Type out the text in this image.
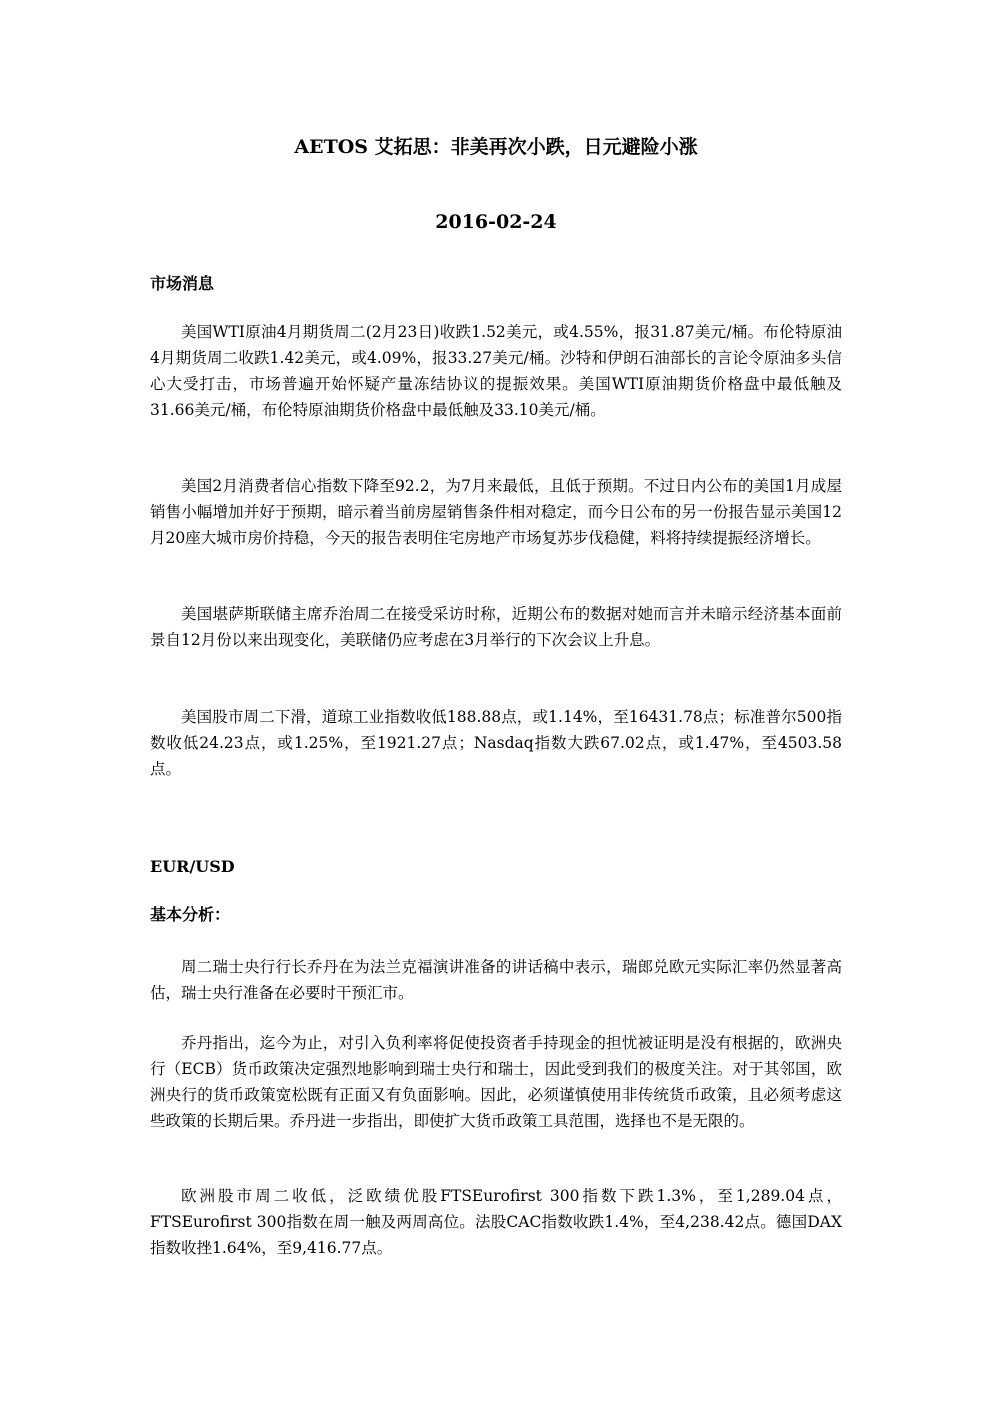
AETOS 艾拓思：非美再次小跌，日元避险小涨
2016-02-24
市场消息

美国WTI原油4月期货周二(2月23日)收跌1.52美元，或4.55%，报31.87美元/桶。布伦特原油4月期货周二收跌1.42美元，或4.09%，报33.27美元/桶。沙特和伊朗石油部长的言论令原油多头信心大受打击，市场普遍开始怀疑产量冻结协议的提振效果。美国WTI原油期货价格盘中最低触及31.66美元/桶，布伦特原油期货价格盘中最低触及33.10美元/桶。

美国2月消费者信心指数下降至92.2，为7月来最低，且低于预期。不过日内公布的美国1月成屋销售小幅增加并好于预期，暗示着当前房屋销售条件相对稳定，而今日公布的另一份报告显示美国12月20座大城市房价持稳，今天的报告表明住宅房地产市场复苏步伐稳健，料将持续提振经济增长。

美国堪萨斯联储主席乔治周二在接受采访时称，近期公布的数据对她而言并未暗示经济基本面前景自12月份以来出现变化，美联储仍应考虑在3月举行的下次会议上升息。

美国股市周二下滑，道琼工业指数收低188.88点，或1.14%，至16431.78点；标准普尔500指数收低24.23点，或1.25%，至1921.27点；Nasdaq指数大跌67.02点，或1.47%，至4503.58点。

EUR/USD
基本分析：

周二瑞士央行行长乔丹在为法兰克福演讲准备的讲话稿中表示，瑞郎兑欧元实际汇率仍然显著高估，瑞士央行准备在必要时干预汇市。

乔丹指出，迄今为止，对引入负利率将促使投资者手持现金的担忧被证明是没有根据的，欧洲央行（ECB）货币政策决定强烈地影响到瑞士央行和瑞士，因此受到我们的极度关注。对于其邻国，欧洲央行的货币政策宽松既有正面又有负面影响。因此，必须谨慎使用非传统货币政策，且必须考虑这些政策的长期后果。乔丹进一步指出，即使扩大货币政策工具范围，选择也不是无限的。

欧洲股市周二收低，泛欧绩优股FTSEurofirst 300指数下跌1.3%，至1,289.04点， FTSEurofirst 300指数在周一触及两周高位。法股CAC指数收跌1.4%，至4,238.42点。德国DAX指数收挫1.64%，至9,416.77点。
